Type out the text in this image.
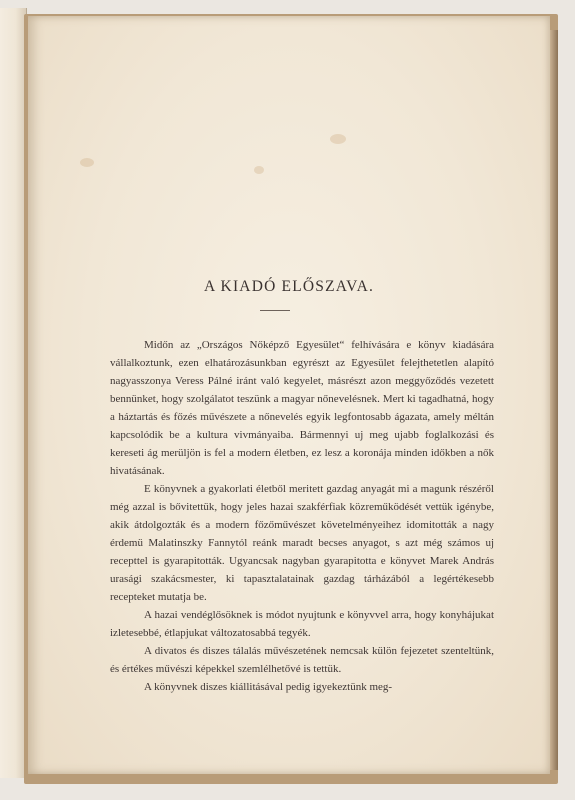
A KIADÓ ELŐSZAVA.

Midőn az „Országos Nőképző Egyesület“ felhívására e könyv kiadására vállalkoztunk, ezen elhatározásunkban egyrészt az Egyesület felejthetetlen alapító nagyasszonya Veress Pálné iránt való kegyelet, másrészt azon meggyőződés vezetett bennünket, hogy szolgálatot teszünk a magyar nőnevelésnek. Mert ki tagadhatná, hogy a háztartás és főzés művészete a nőnevelés egyik legfontosabb ágazata, amely méltán kapcsolódik be a kultura vivmányaiba. Bármennyi uj meg ujabb foglalkozási és kereseti ág merüljön is fel a modern életben, ez lesz a koronája minden időkben a nők hivatásának.

E könyvnek a gyakorlati életből meritett gazdag anyagát mi a magunk részéről még azzal is bővitettük, hogy jeles hazai szakférfiak közreműködését vettük igénybe, akik átdolgozták és a modern főzőművészet követelményeihez idomitották a nagy érdemü Malatinszky Fannytól reánk maradt becses anyagot, s azt még számos uj recepttel is gyarapitották. Ugyancsak nagyban gyarapitotta e könyvet Marek András urasági szakácsmester, ki tapasztalatainak gazdag tárházából a legértékesebb recepteket mutatja be.

A hazai vendéglősöknek is módot nyujtunk e könyvvel arra, hogy konyhájukat izletesebbé, étlapjukat változatosabbá tegyék.

A divatos és diszes tálalás művészetének nemcsak külön fejezetet szenteltünk, és értékes művészi képekkel szemlélhetővé is tettük.

A könyvnek diszes kiállitásával pedig igyekeztünk meg-
